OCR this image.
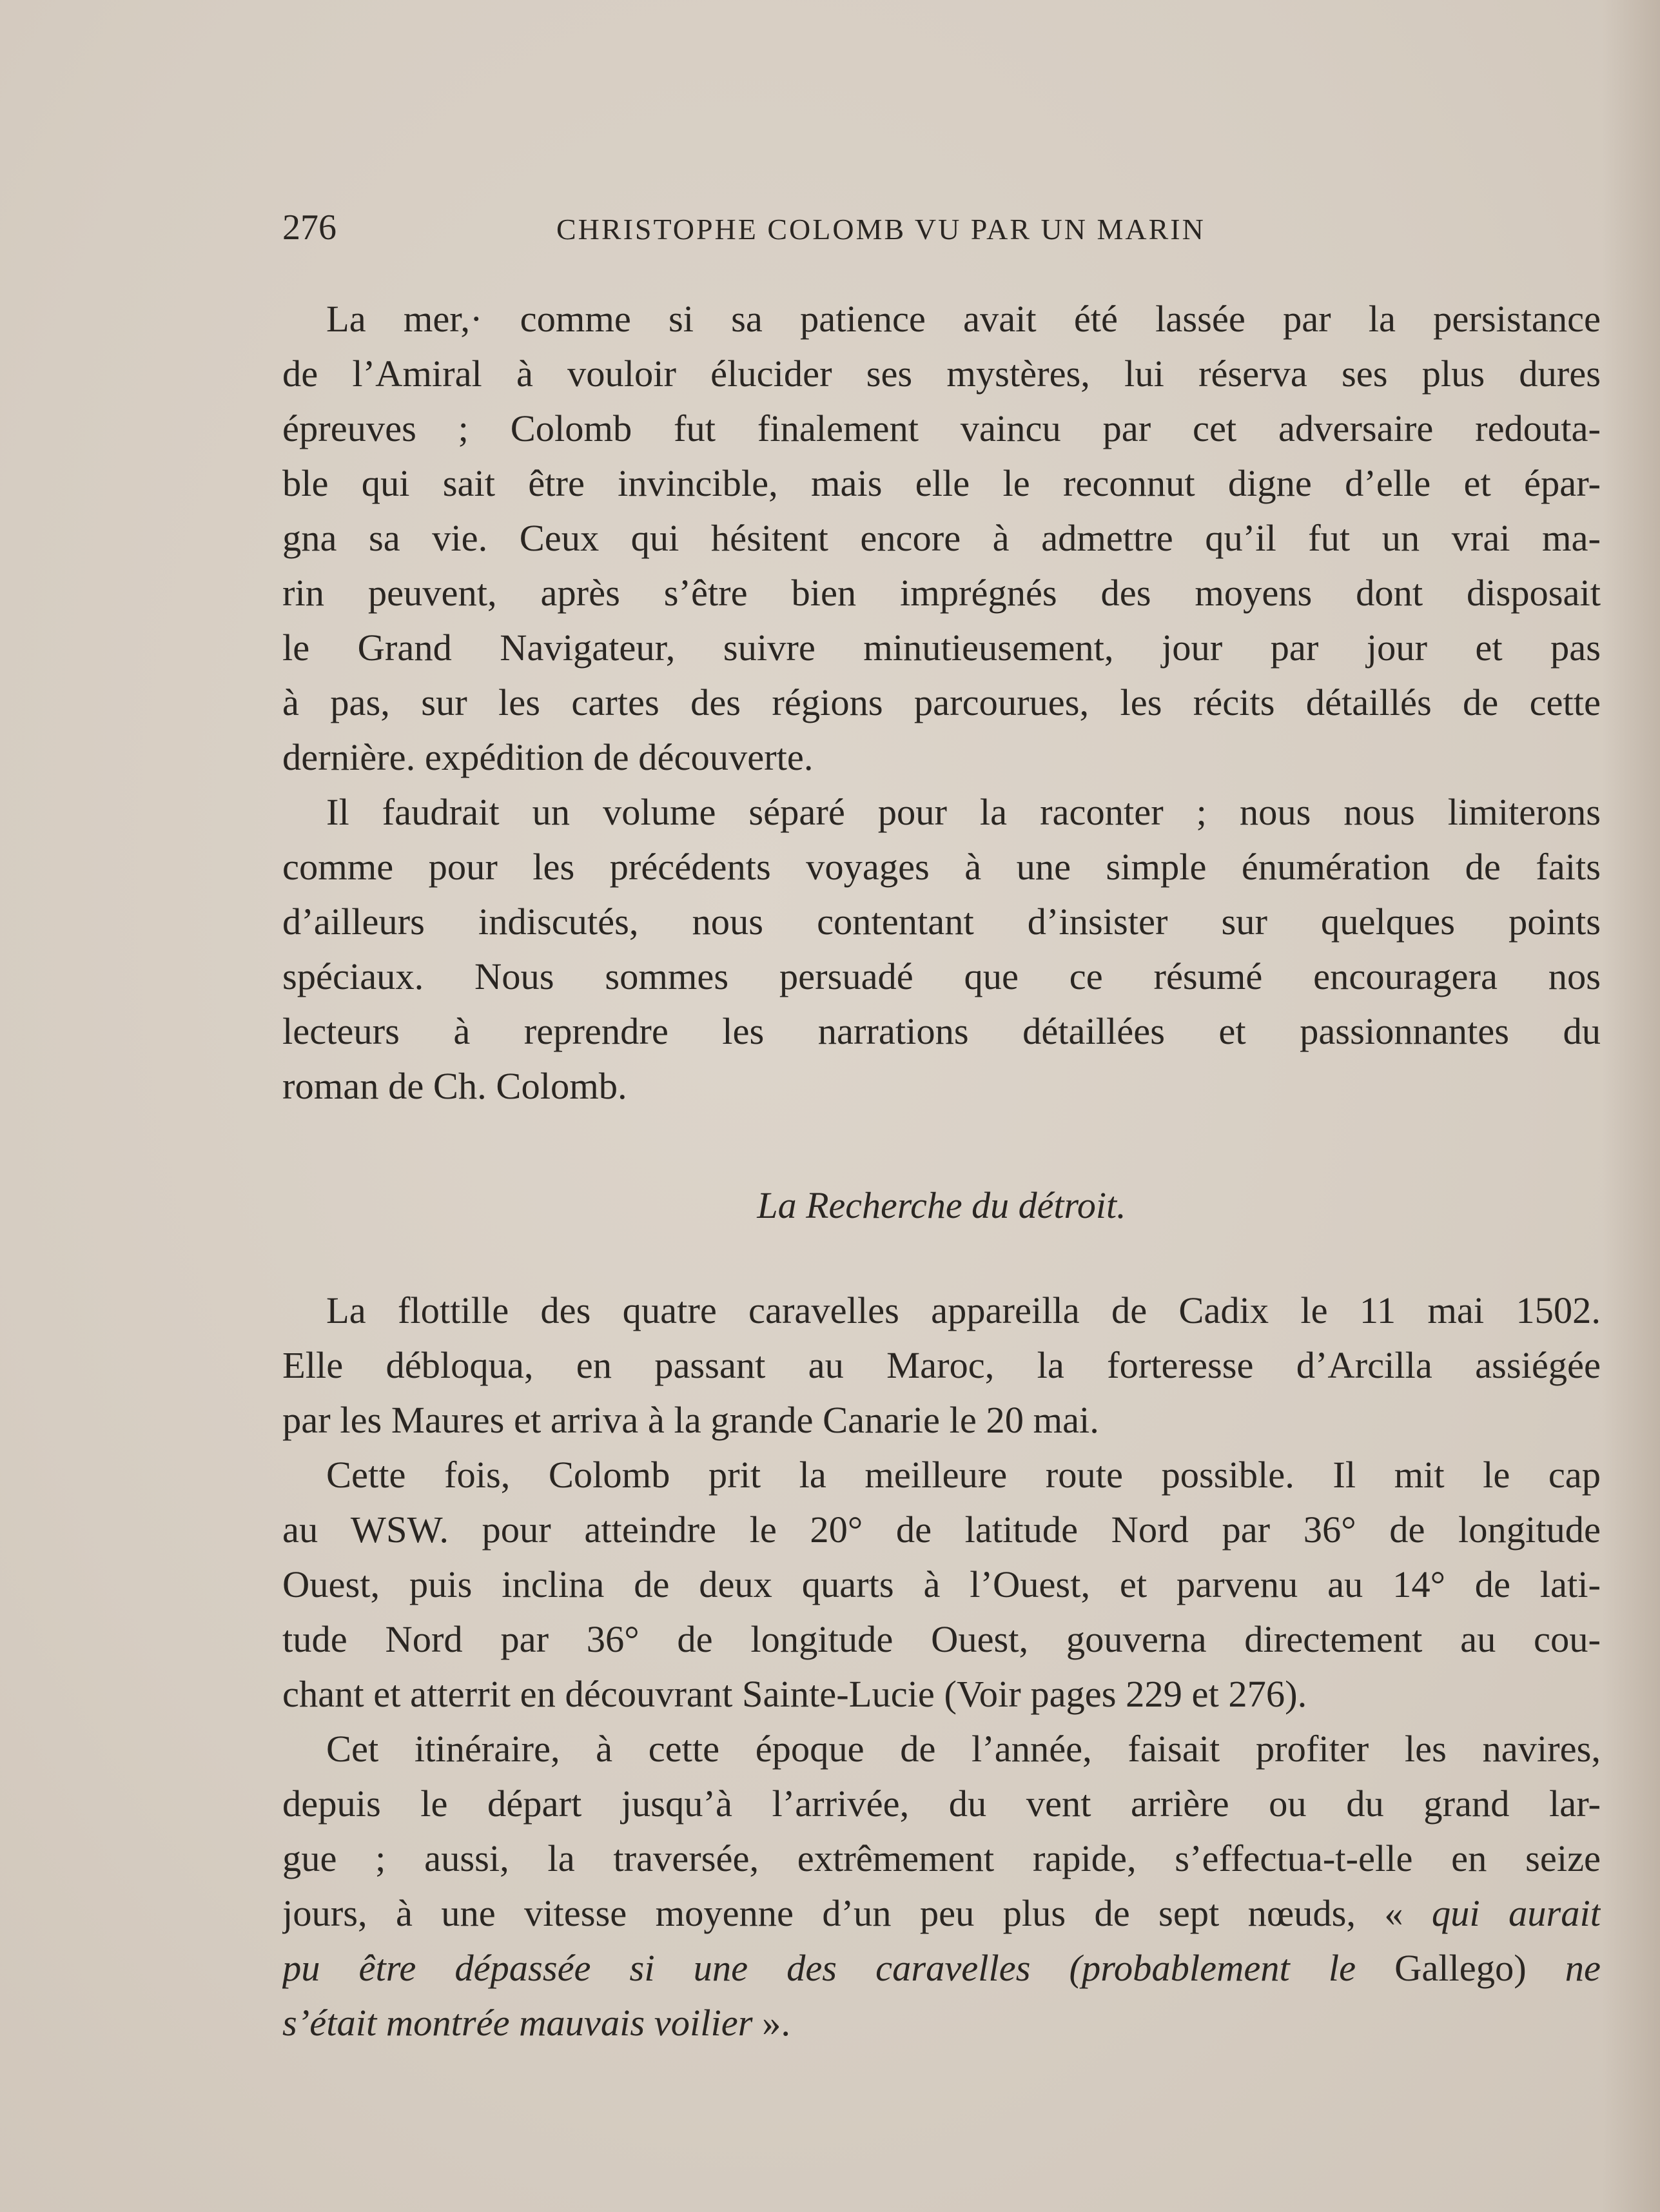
276	CHRISTOPHE COLOMB VU PAR UN MARIN
La mer,· comme si sa patience avait été lassée par la persistance
de l’Amiral à vouloir élucider ses mystères, lui réserva ses plus dures
épreuves ; Colomb fut finalement vaincu par cet adversaire redouta-
ble qui sait être invincible, mais elle le reconnut digne d’elle et épar-
gna sa vie. Ceux qui hésitent encore à admettre qu’il fut un vrai ma-
rin peuvent, après s’être bien imprégnés des moyens dont disposait
le Grand Navigateur, suivre minutieusement, jour par jour et pas
à pas, sur les cartes des régions parcourues, les récits détaillés de cette
dernière. expédition de découverte.
Il faudrait un volume séparé pour la raconter ; nous nous limiterons
comme pour les précédents voyages à une simple énumération de faits
d’ailleurs indiscutés, nous contentant d’insister sur quelques points
spéciaux. Nous sommes persuadé que ce résumé encouragera nos
lecteurs à reprendre les narrations détaillées et passionnantes du
roman de Ch. Colomb.
La Recherche du détroit.
La flottille des quatre caravelles appareilla de Cadix le 11 mai 1502.
Elle débloqua, en passant au Maroc, la forteresse d’Arcilla assiégée
par les Maures et arriva à la grande Canarie le 20 mai.
Cette fois, Colomb prit la meilleure route possible. Il mit le cap
au WSW. pour atteindre le 20° de latitude Nord par 36° de longitude
Ouest, puis inclina de deux quarts à l’Ouest, et parvenu au 14° de lati-
tude Nord par 36° de longitude Ouest, gouverna directement au cou-
chant et atterrit en découvrant Sainte-Lucie (Voir pages 229 et 276).
Cet itinéraire, à cette époque de l’année, faisait profiter les navires,
depuis le départ jusqu’à l’arrivée, du vent arrière ou du grand lar-
gue ; aussi, la traversée, extrêmement rapide, s’effectua-t-elle en seize
jours, à une vitesse moyenne d’un peu plus de sept nœuds, « qui aurait
pu être dépassée si une des caravelles (probablement le Gallego) ne
s’était montrée mauvais voilier ».
